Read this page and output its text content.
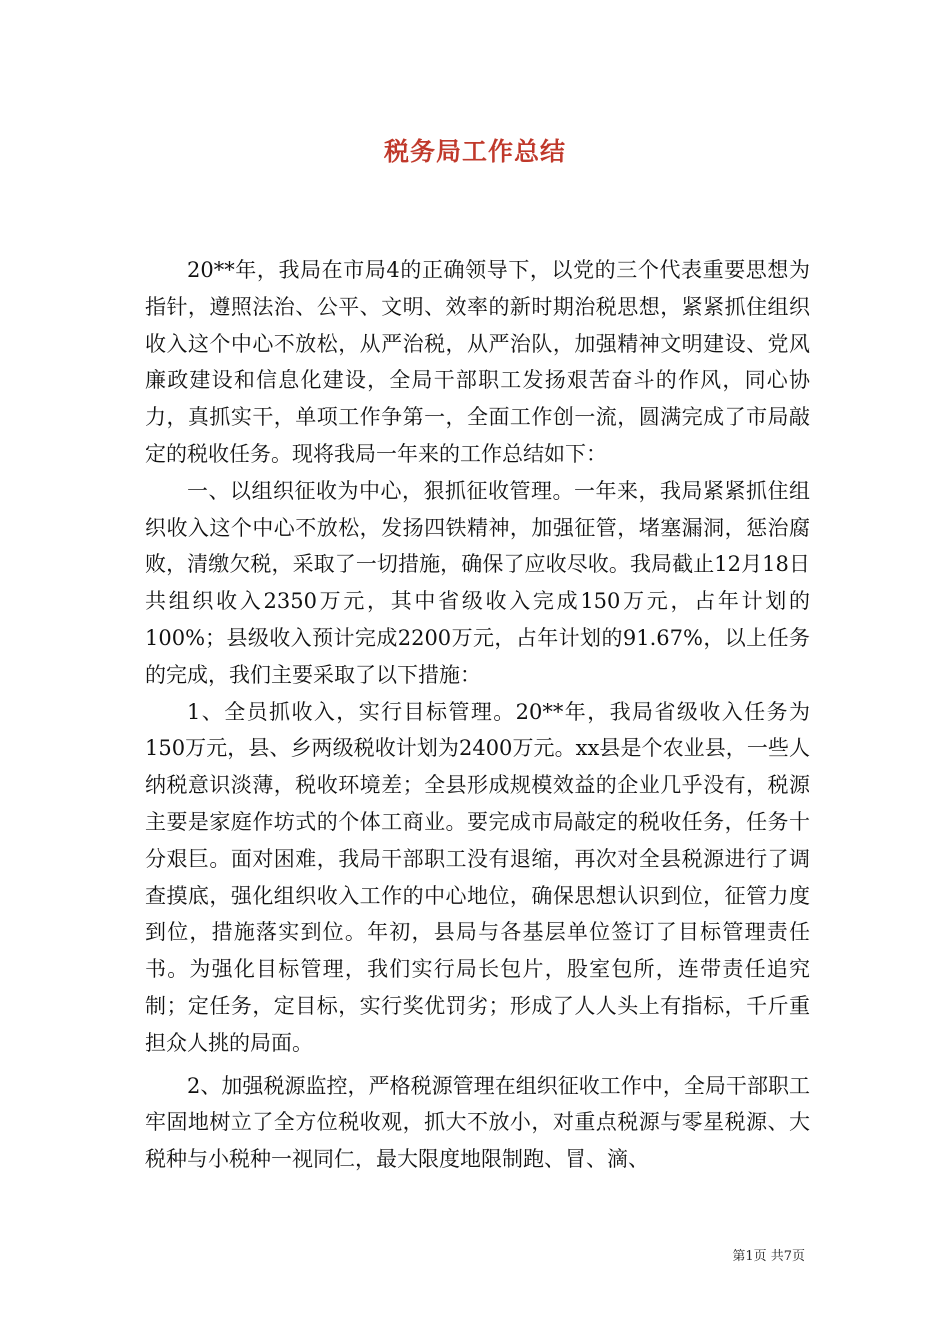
税务局工作总结

20**年，我局在市局4的正确领导下，以党的三个代表重要思想为指针，遵照法治、公平、文明、效率的新时期治税思想，紧紧抓住组织收入这个中心不放松，从严治税，从严治队，加强精神文明建设、党风廉政建设和信息化建设，全局干部职工发扬艰苦奋斗的作风，同心协力，真抓实干，单项工作争第一，全面工作创一流，圆满完成了市局敲定的税收任务。现将我局一年来的工作总结如下：

一、以组织征收为中心，狠抓征收管理。一年来，我局紧紧抓住组织收入这个中心不放松，发扬四铁精神，加强征管，堵塞漏洞，惩治腐败，清缴欠税，采取了一切措施，确保了应收尽收。我局截止12月18日共组织收入2350万元，其中省级收入完成150万元，占年计划的100%；县级收入预计完成2200万元，占年计划的91.67%，以上任务的完成，我们主要采取了以下措施：

1、全员抓收入，实行目标管理。20**年，我局省级收入任务为150万元，县、乡两级税收计划为2400万元。xx县是个农业县，一些人纳税意识淡薄，税收环境差；全县形成规模效益的企业几乎没有，税源主要是家庭作坊式的个体工商业。要完成市局敲定的税收任务，任务十分艰巨。面对困难，我局干部职工没有退缩，再次对全县税源进行了调查摸底，强化组织收入工作的中心地位，确保思想认识到位，征管力度到位，措施落实到位。年初，县局与各基层单位签订了目标管理责任书。为强化目标管理，我们实行局长包片，股室包所，连带责任追究制；定任务，定目标，实行奖优罚劣；形成了人人头上有指标，千斤重担众人挑的局面。

2、加强税源监控，严格税源管理在组织征收工作中，全局干部职工牢固地树立了全方位税收观，抓大不放小，对重点税源与零星税源、大税种与小税种一视同仁，最大限度地限制跑、冒、滴、

第1页 共7页
